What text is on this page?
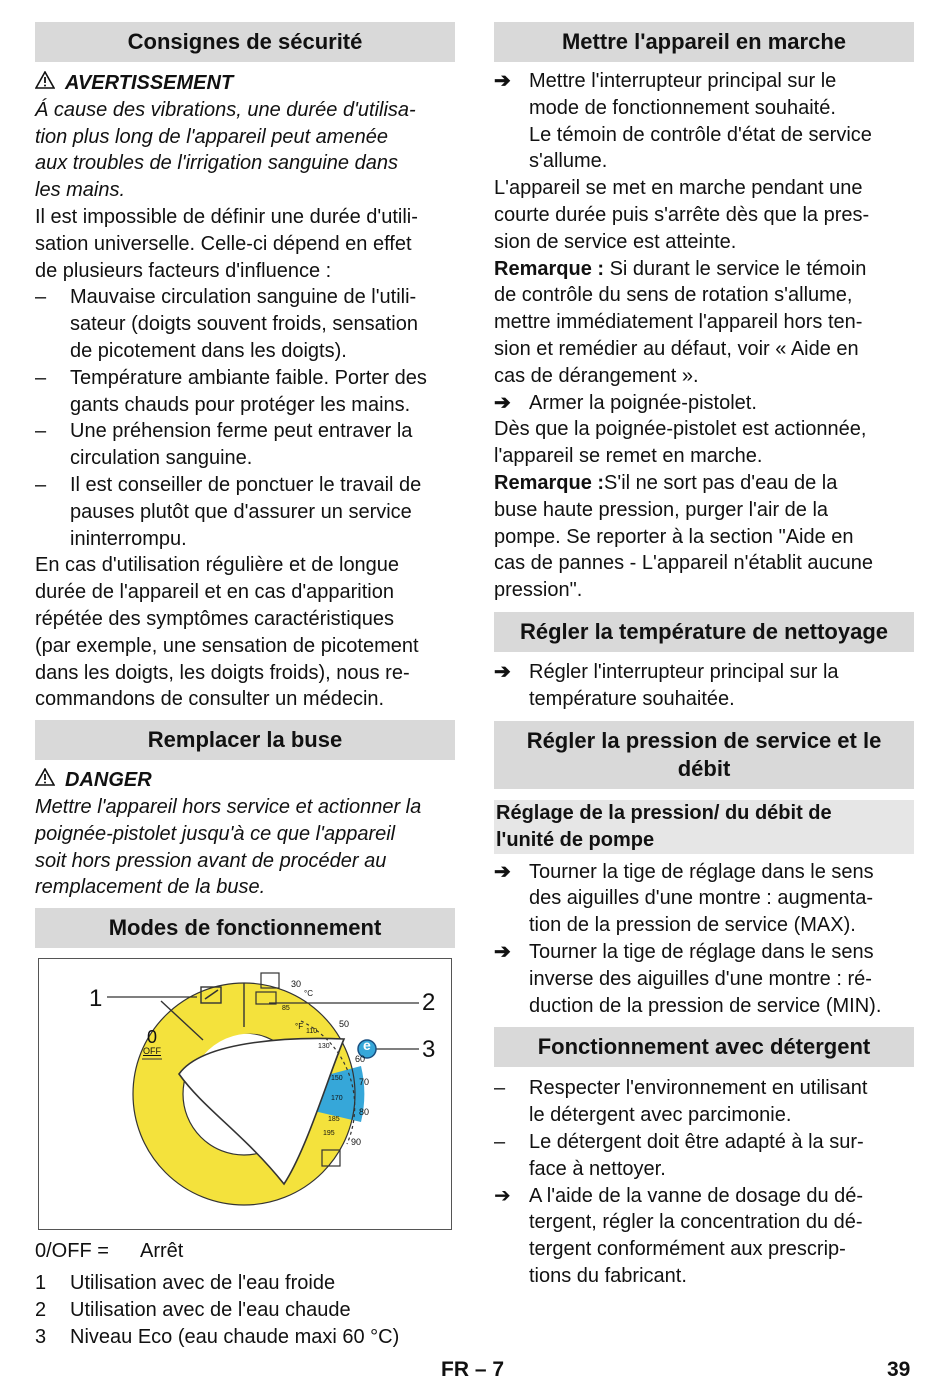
Consignes de sécurité

AVERTISSEMENT

Á cause des vibrations, une durée d'utilisa-

tion plus long de l'appareil peut amenée

aux troubles de l'irrigation sanguine dans

les mains.

Il est impossible de définir une durée d'utili-

sation universelle. Celle-ci dépend en effet

de plusieurs facteurs d'influence :

–	Mauvaise circulation sanguine de l'utili-
sateur (doigts souvent froids, sensation
de picotement dans les doigts).
–	Température ambiante faible. Porter des
gants chauds pour protéger les mains.
–	Une préhension ferme peut entraver la
circulation sanguine.
–	Il est conseiller de ponctuer le travail de
pauses plutôt que d'assurer un service
ininterrompu.

En cas d'utilisation régulière et de longue

durée de l'appareil et en cas d'apparition

répétée des symptômes caractéristiques

(par exemple, une sensation de picotement

dans les doigts, les doigts froids), nous re-

commandons de consulter un médecin.

Remplacer la buse

DANGER

Mettre l'appareil hors service et actionner la

poignée-pistolet jusqu'à ce que l'appareil

soit hors pression avant de procéder au

remplacement de la buse.

Modes de fonctionnement
1	2
3
0
OFF	e
°C
°F
30
50
60
70
80
90
85
110
130
150
170
185
195
0/OFF =	Arrêt
1	Utilisation avec de l'eau froide
2	Utilisation avec de l'eau chaude
3	Niveau Eco (eau chaude maxi 60 °C)
Mettre l'appareil en marche
➔ Mettre l'interrupteur principal sur le
mode de fonctionnement souhaité.
Le témoin de contrôle d'état de service
s'allume.

L'appareil se met en marche pendant une

courte durée puis s'arrête dès que la pres-

sion de service est atteinte.

Remarque : Si durant le service le témoin

de contrôle du sens de rotation s'allume,

mettre immédiatement l'appareil hors ten-

sion et remédier au défaut, voir « Aide en

cas de dérangement ».

➔ Armer la poignée-pistolet.

Dès que la poignée-pistolet est actionnée,

l'appareil se remet en marche.

Remarque :S'il ne sort pas d'eau de la

buse haute pression, purger l'air de la

pompe. Se reporter à la section "Aide en

cas de pannes - L'appareil n'établit aucune

pression".

Régler la température de nettoyage
➔ Régler l'interrupteur principal sur la
température souhaitée.
Régler la pression de service et le
débit
Réglage de la pression/ du débit de
l'unité de pompe
➔ Tourner la tige de réglage dans le sens
des aiguilles d'une montre : augmenta-
tion de la pression de service (MAX).
➔ Tourner la tige de réglage dans le sens
inverse des aiguilles d'une montre : ré-
duction de la pression de service (MIN).
Fonctionnement avec détergent
–	Respecter l'environnement en utilisant
le détergent avec parcimonie.
–	Le détergent doit être adapté à la sur-
face à nettoyer.
➔ A l'aide de la vanne de dosage du dé-
tergent, régler la concentration du dé-
tergent conformément aux prescrip-
tions du fabricant.
FR – 7	39
